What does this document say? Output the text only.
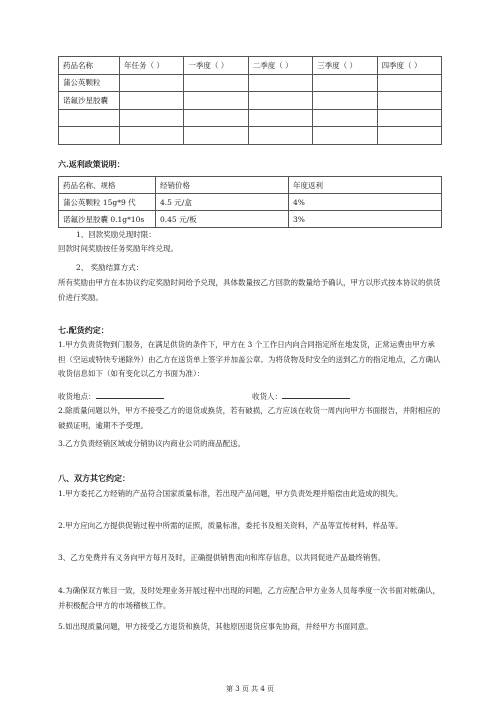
药品名称	年任务（ ）	一季度（ ）	二季度（ ）	三季度（ ）	四季度（ ）
蒲公英颗粒					
诺氟沙星胶囊					

六.返利政策说明：
药品名称、规格	经销价格	年度返利
蒲公英颗粒 15g*9 代	4.5 元/盒	4%
诺氟沙星胶囊 0.1g*10s	0.45 元/板	3%
1、回款奖励兑现时限：
回款时间奖励按任务奖励年终兑现。
2、 奖励结算方式：
所有奖励由甲方在本协议约定奖励时间给予兑现，具体数量按乙方回款的数量给予确认，甲方以形式按本协议的供货价进行奖励。
七.配货约定：
1.甲方负责货物到门服务，在满足供货的条件下，甲方在 3 个工作日内向合同指定所在地发货，正常运费由甲方承担（空运或特快专递除外）由乙方在送货单上签字并加盖公章。为将货物及时安全的送到乙方的指定地点，乙方确认收货信息如下（如有变化以乙方书面为准）：
收货地点：	收货人：
2.除质量问题以外，甲方不接受乙方的退货或换货，若有破损，乙方应该在收货一周内向甲方书面报告，并附相应的破损证明，逾期不予受理。
3.乙方负责经销区域或分销协议内商业公司的商品配送。
八、双方其它约定：
1.甲方委托乙方经销的产品符合国家质量标准，若出现产品问题，甲方负责处理并赔偿由此造成的损失。
2.甲方应向乙方提供促销过程中所需的证照，质量标准，委托书及相关资料，产品等宣传材料，样品等。
3、乙方免费并有义务向甲方每月及时，正确提供销售流向和库存信息，以共同促进产品最终销售。
4.为确保双方帐目一致，及时处理业务开展过程中出现的问题，乙方应配合甲方业务人员每季度一次书面对帐确认，并积极配合甲方的市场稽核工作。
5.如出现质量问题，甲方接受乙方退货和换货，其他原因退货应事先协商，并经甲方书面同意。
第 3 页 共 4 页
